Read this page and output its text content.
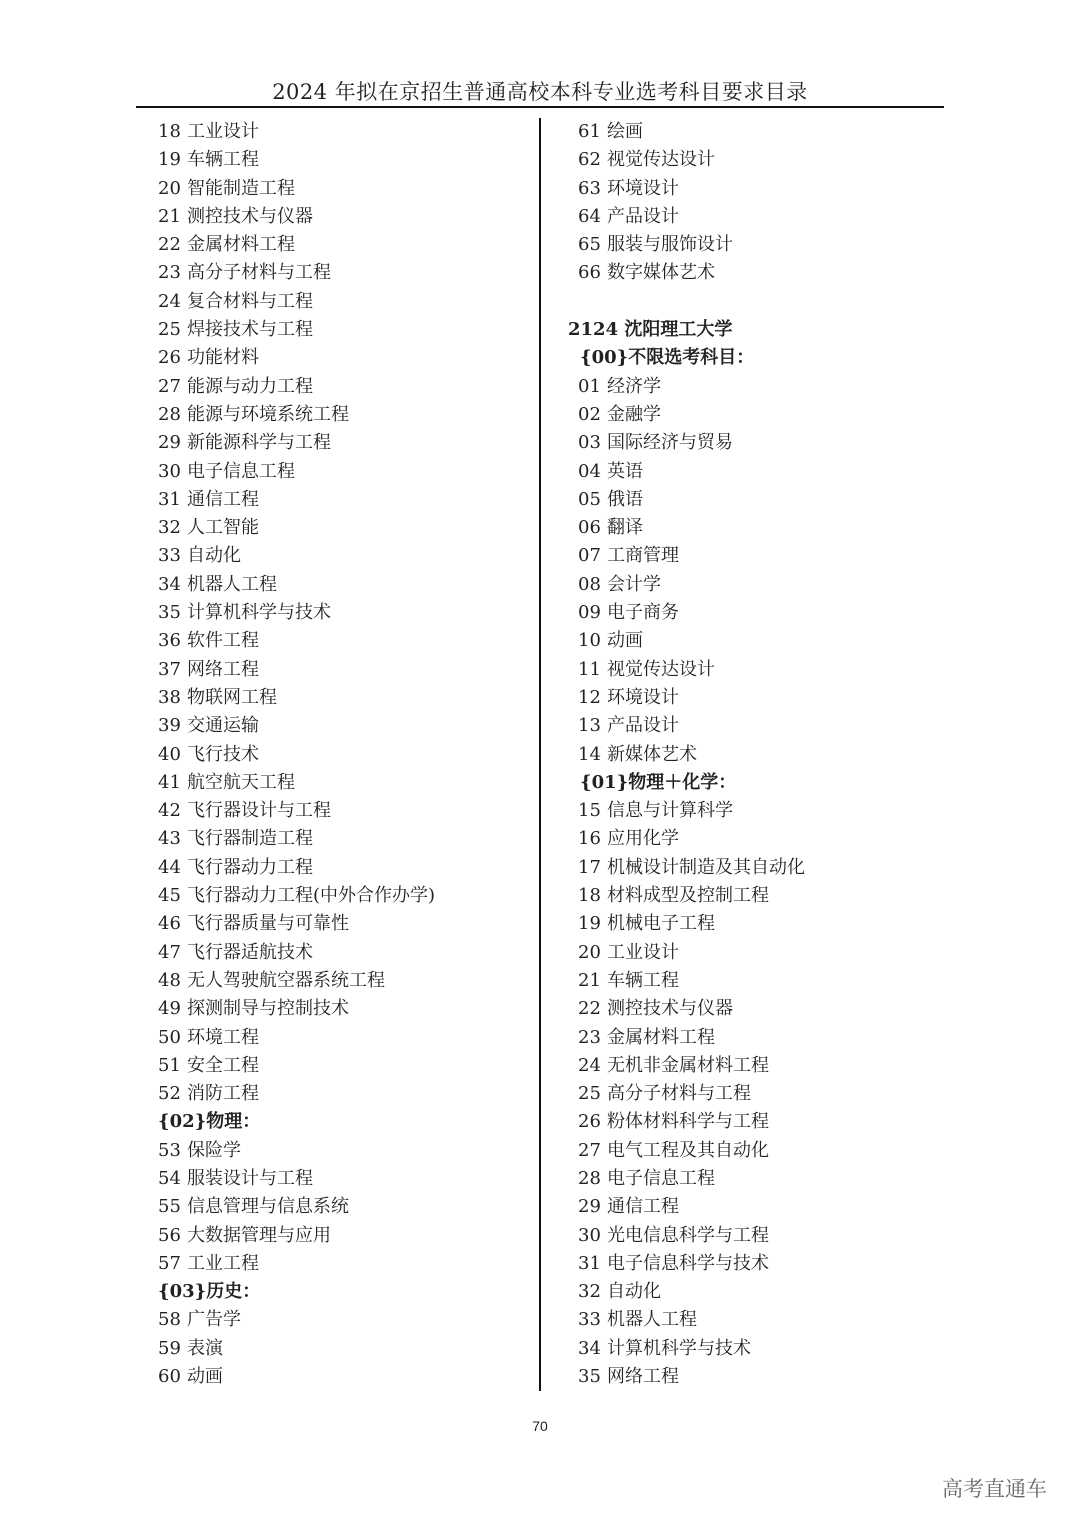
2024 年拟在京招生普通高校本科专业选考科目要求目录
18 工业设计
19 车辆工程
20 智能制造工程
21 测控技术与仪器
22 金属材料工程
23 高分子材料与工程
24 复合材料与工程
25 焊接技术与工程
26 功能材料
27 能源与动力工程
28 能源与环境系统工程
29 新能源科学与工程
30 电子信息工程
31 通信工程
32 人工智能
33 自动化
34 机器人工程
35 计算机科学与技术
36 软件工程
37 网络工程
38 物联网工程
39 交通运输
40 飞行技术
41 航空航天工程
42 飞行器设计与工程
43 飞行器制造工程
44 飞行器动力工程
45 飞行器动力工程(中外合作办学)
46 飞行器质量与可靠性
47 飞行器适航技术
48 无人驾驶航空器系统工程
49 探测制导与控制技术
50 环境工程
51 安全工程
52 消防工程
{02}物理：
53 保险学
54 服装设计与工程
55 信息管理与信息系统
56 大数据管理与应用
57 工业工程
{03}历史：
58 广告学
59 表演
60 动画
61 绘画
62 视觉传达设计
63 环境设计
64 产品设计
65 服装与服饰设计
66 数字媒体艺术
2124 沈阳理工大学
{00}不限选考科目：
01 经济学
02 金融学
03 国际经济与贸易
04 英语
05 俄语
06 翻译
07 工商管理
08 会计学
09 电子商务
10 动画
11 视觉传达设计
12 环境设计
13 产品设计
14 新媒体艺术
{01}物理＋化学：
15 信息与计算科学
16 应用化学
17 机械设计制造及其自动化
18 材料成型及控制工程
19 机械电子工程
20 工业设计
21 车辆工程
22 测控技术与仪器
23 金属材料工程
24 无机非金属材料工程
25 高分子材料与工程
26 粉体材料科学与工程
27 电气工程及其自动化
28 电子信息工程
29 通信工程
30 光电信息科学与工程
31 电子信息科学与技术
32 自动化
33 机器人工程
34 计算机科学与技术
35 网络工程
70
高考直通车
